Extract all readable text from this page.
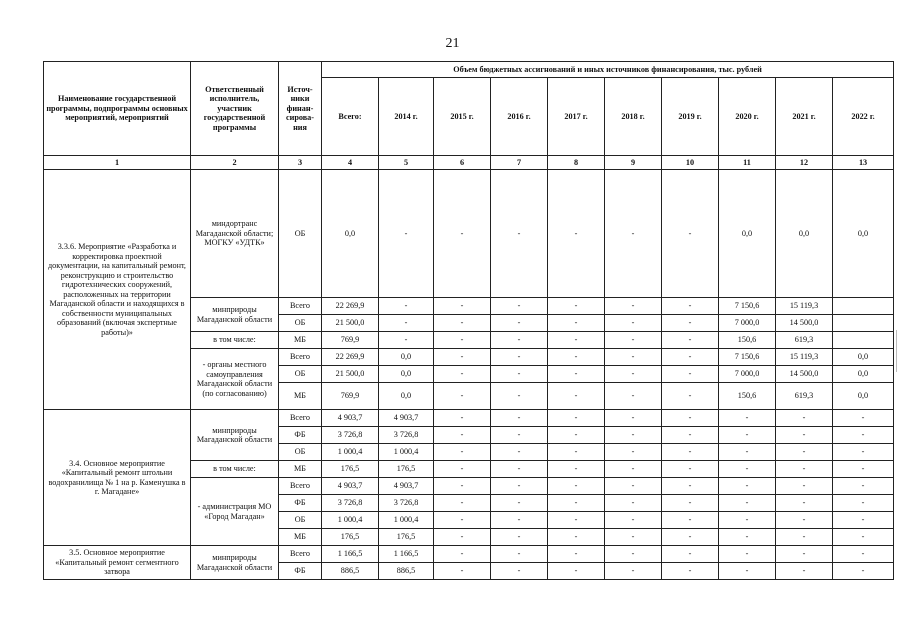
21
Наименование государственной программы, подпрограммы основных мероприятий, мероприятий	Ответственный исполнитель, участник государственной программы	Источ-ники финан-сирова-ния	Объем бюджетных ассигнований и иных источников финансирования, тыс. рублей									
			Всего:	2014 г.	2015 г.	2016 г.	2017 г.	2018 г.	2019 г.	2020 г.	2021 г.	2022 г.
1	2	3	4	5	6	7	8	9	10	11	12	13
3.3.6. Мероприятие «Разработка и корректировка проектной документации, на капитальный ремонт, реконструкцию и строительство гидротехнических сооружений, расположенных на территории Магаданской области и находящихся в собственности муниципальных образований (включая экспертные работы)»	миндортранс Магаданской области; МОГКУ «УДТК»	ОБ	0,0	-	-	-	-	-	-	0,0	0,0	0,0
	минприроды Магаданской области	Всего	22 269,9	-	-	-	-	-	-	7 150,6	15 119,3	
		ОБ	21 500,0	-	-	-	-	-	-	7 000,0	14 500,0	
	в том числе:	МБ	769,9	-	-	-	-	-	-	150,6	619,3	
	- органы местного самоуправления Магаданской области (по согласованию)	Всего	22 269,9	0,0	-	-	-	-	-	7 150,6	15 119,3	0,0
		ОБ	21 500,0	0,0	-	-	-	-	-	7 000,0	14 500,0	0,0
		МБ	769,9	0,0	-	-	-	-	-	150,6	619,3	0,0
3.4. Основное мероприятие «Капитальный ремонт штольни водохранилища № 1 на р. Каменушка в г. Магадане»	минприроды Магаданской области	Всего	4 903,7	4 903,7	-	-	-	-	-	-	-	-
		ФБ	3 726,8	3 726,8	-	-	-	-	-	-	-	-
		ОБ	1 000,4	1 000,4	-	-	-	-	-	-	-	-
	в том числе:	МБ	176,5	176,5	-	-	-	-	-	-	-	-
	- администрация МО «Город Магадан»	Всего	4 903,7	4 903,7	-	-	-	-	-	-	-	-
		ФБ	3 726,8	3 726,8	-	-	-	-	-	-	-	-
		ОБ	1 000,4	1 000,4	-	-	-	-	-	-	-	-
		МБ	176,5	176,5	-	-	-	-	-	-	-	-
3.5. Основное мероприятие «Капитальный ремонт сегментного затвора	минприроды Магаданской области	Всего	1 166,5	1 166,5	-	-	-	-	-	-	-	-
		ФБ	886,5	886,5	-	-	-	-	-	-	-	-
